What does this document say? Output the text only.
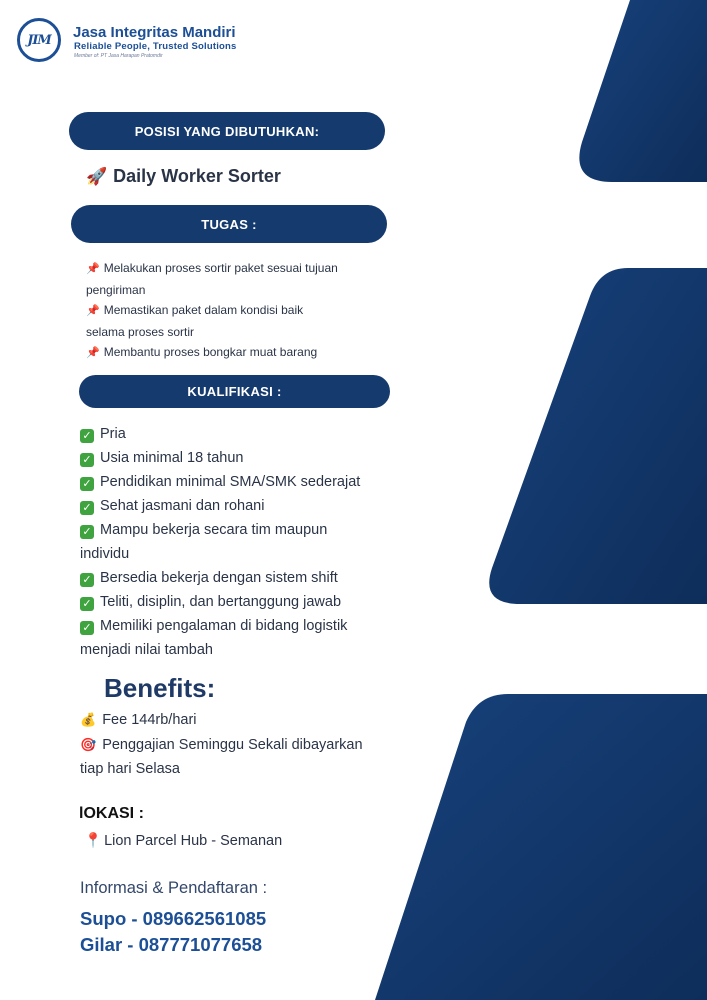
JIM Jasa Integritas Mandiri
Reliable People, Trusted Solutions
Member of: PT Jasa Harapan Pratomdir
POSISI YANG DIBUTUHKAN:
🚀 Daily Worker Sorter
TUGAS :
📌 Melakukan proses sortir paket sesuai tujuan
pengiriman
📌 Memastikan paket dalam kondisi baik
selama proses sortir
📌 Membantu proses bongkar muat barang
KUALIFIKASI :
✓ Pria
✓ Usia minimal 18 tahun
✓ Pendidikan minimal SMA/SMK sederajat
✓ Sehat jasmani dan rohani
✓ Mampu bekerja secara tim maupun
individu
✓ Bersedia bekerja dengan sistem shift
✓ Teliti, disiplin, dan bertanggung jawab
✓ Memiliki pengalaman di bidang logistik
menjadi nilai tambah
Benefits:
💰 Fee 144rb/hari
🎯 Penggajian Seminggu Sekali dibayarkan
tiap hari Selasa
lOKASI :
📍 Lion Parcel Hub - Semanan
Informasi & Pendaftaran :
Supo - 089662561085
Gilar - 087771077658
